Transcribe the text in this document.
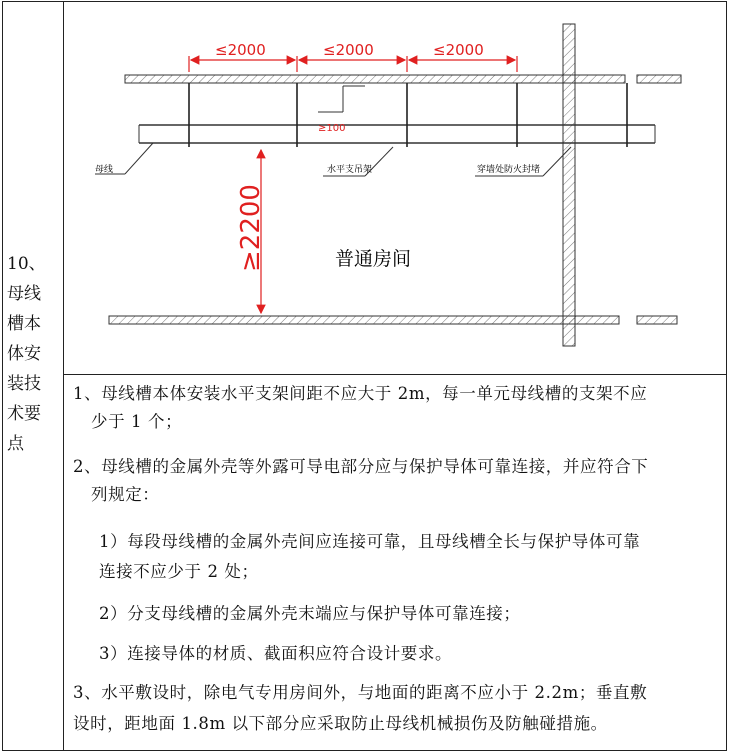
10、
母线
槽本
体安
装技
术要
点
≤2000	≤2000	≤2000
≥100
≥2200
母线	水平支吊架	穿墙处防火封堵
普通房间
1、母线槽本体安装水平支架间距不应大于 2m，每一单元母线槽的支架不应
少于 1 个；
2、母线槽的金属外壳等外露可导电部分应与保护导体可靠连接，并应符合下
列规定：
1）每段母线槽的金属外壳间应连接可靠，且母线槽全长与保护导体可靠
连接不应少于 2 处；
2）分支母线槽的金属外壳末端应与保护导体可靠连接；
3）连接导体的材质、截面积应符合设计要求。
3、水平敷设时，除电气专用房间外，与地面的距离不应小于 2.2m；垂直敷
设时，距地面 1.8m 以下部分应采取防止母线机械损伤及防触碰措施。
